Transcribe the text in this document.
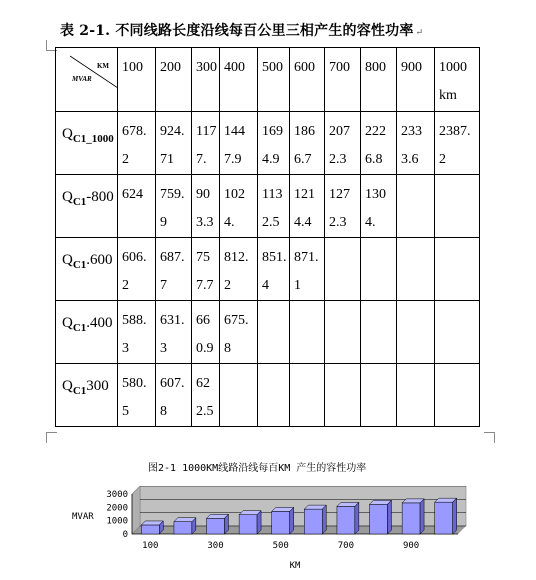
表 2-1. 不同线路长度沿线每百公里三相产生的容性功率 ↵
KM
MVAR	100	200	300	400	500	600	700	800	900	1000 km

$Q_{C1\_1000}$	678.2	924.71	1177.	1447.9	1694.9	1866.7	2072.3	2226.8	2333.6	2387.2

$Q_{C1}-800$	624	759.9	903.3	1024.	1132.5	1214.4	1272.3	1304.		

$Q_{C1}.600$	606.2	687.7	757.7	812.2	851.4	871.1				

$Q_{C1}.400$	588.3	631.3	660.9	675.8						

$Q_{C1}300$	580.5	607.8	622.5							

图2-1 1000KM线路沿线每百KM 产生的容性功率
0
1000
2000
3000
100	300	500	700	900
MVAR
KM
